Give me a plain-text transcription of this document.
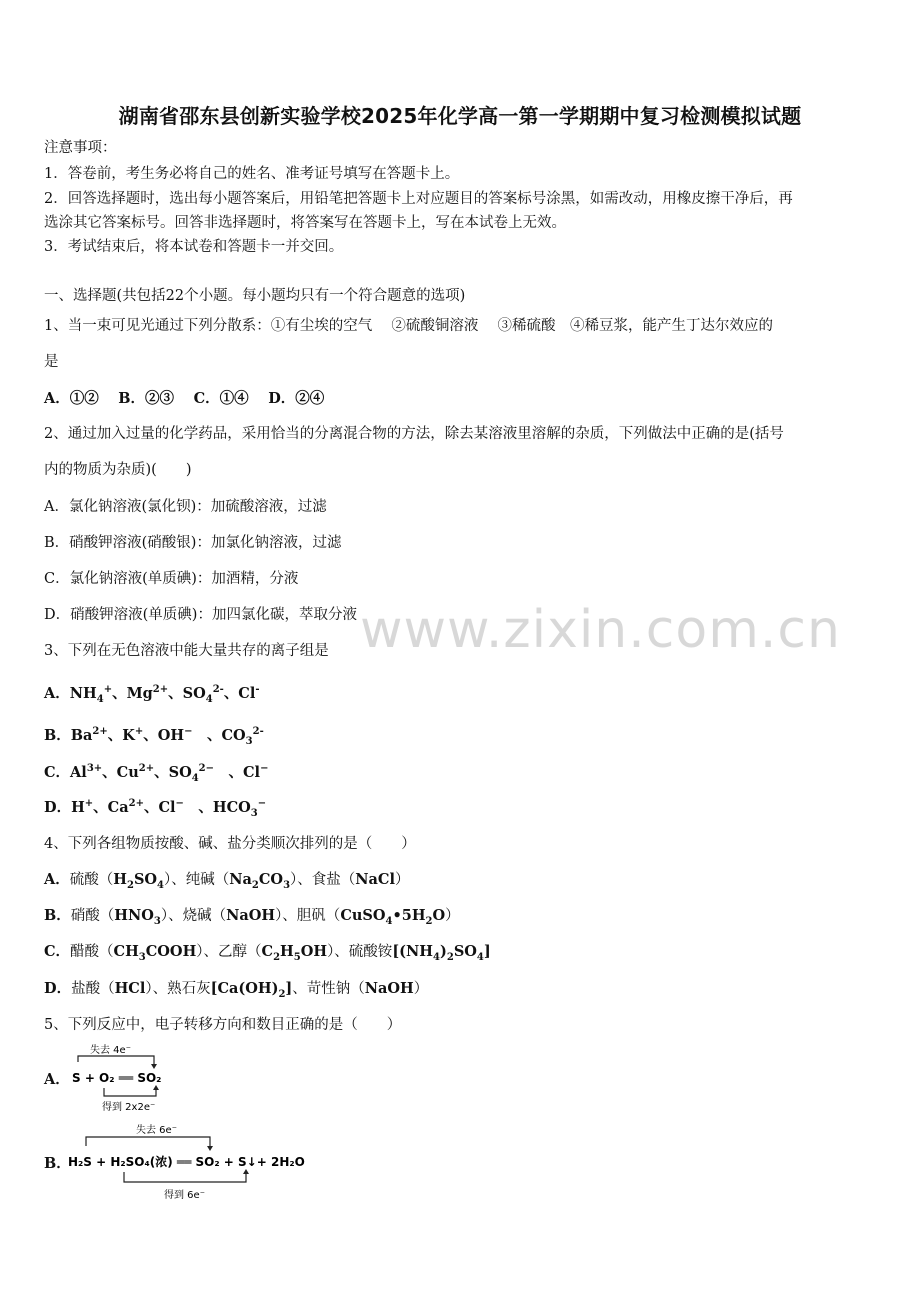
湖南省邵东县创新实验学校2025年化学高一第一学期期中复习检测模拟试题
注意事项：
1．答卷前，考生务必将自己的姓名、准考证号填写在答题卡上。
2．回答选择题时，选出每小题答案后，用铅笔把答题卡上对应题目的答案标号涂黑，如需改动，用橡皮擦干净后，再
选涂其它答案标号。回答非选择题时，将答案写在答题卡上，写在本试卷上无效。
3．考试结束后，将本试卷和答题卡一并交回。
一、选择题(共包括22个小题。每小题均只有一个符合题意的选项)
1、当一束可见光通过下列分散系：①有尘埃的空气　 ②硫酸铜溶液　 ③稀硫酸　④稀豆浆，能产生丁达尔效应的
是
A．①②　 B．②③　 C．①④　 D．②④
2、通过加入过量的化学药品，采用恰当的分离混合物的方法，除去某溶液里溶解的杂质，下列做法中正确的是(括号
内的物质为杂质)(　　)
A．氯化钠溶液(氯化钡)：加硫酸溶液，过滤
B．硝酸钾溶液(硝酸银)：加氯化钠溶液，过滤
C．氯化钠溶液(单质碘)：加酒精，分液
D．硝酸钾溶液(单质碘)：加四氯化碳，萃取分液
3、下列在无色溶液中能大量共存的离子组是
A．$NH_4^+$、$Mg^{2+}$、$SO_4^{2-}$、Cl-
B．$Ba^{2+}$、K+、OH−　、$CO_3^{2-}$
C．$Al^{3+}$、$Cu^{2+}$、$SO_4^{2-}$　、Cl−
D．H+、$Ca^{2+}$、Cl−　、$HCO_3^-$
4、下列各组物质按酸、碱、盐分类顺次排列的是（　　）
A．硫酸$(H_2SO_4)$、纯碱$(Na_2CO_3)$、食盐（NaCl）
B．硝酸$(HNO_3)$、烧碱（NaOH）、胆矾$(CuSO_4•5H_2O)$
C．醋酸$(CH_3COOH)$、乙醇$(C_2H_5OH)$、硫酸铵$[(NH_4)_2SO_4]$
D．盐酸（HCl）、熟石灰$[Ca(OH)_2]$、苛性钠（NaOH）
5、下列反应中，电子转移方向和数目正确的是（　　）
A．
失去 4e⁻
S + O₂ ══ SO₂
得到 2x2e⁻
B．
失去 6e⁻
H₂S + H₂SO₄(浓) ══ SO₂ + S↓+ 2H₂O
得到 6e⁻
www.zixin.com.cn
